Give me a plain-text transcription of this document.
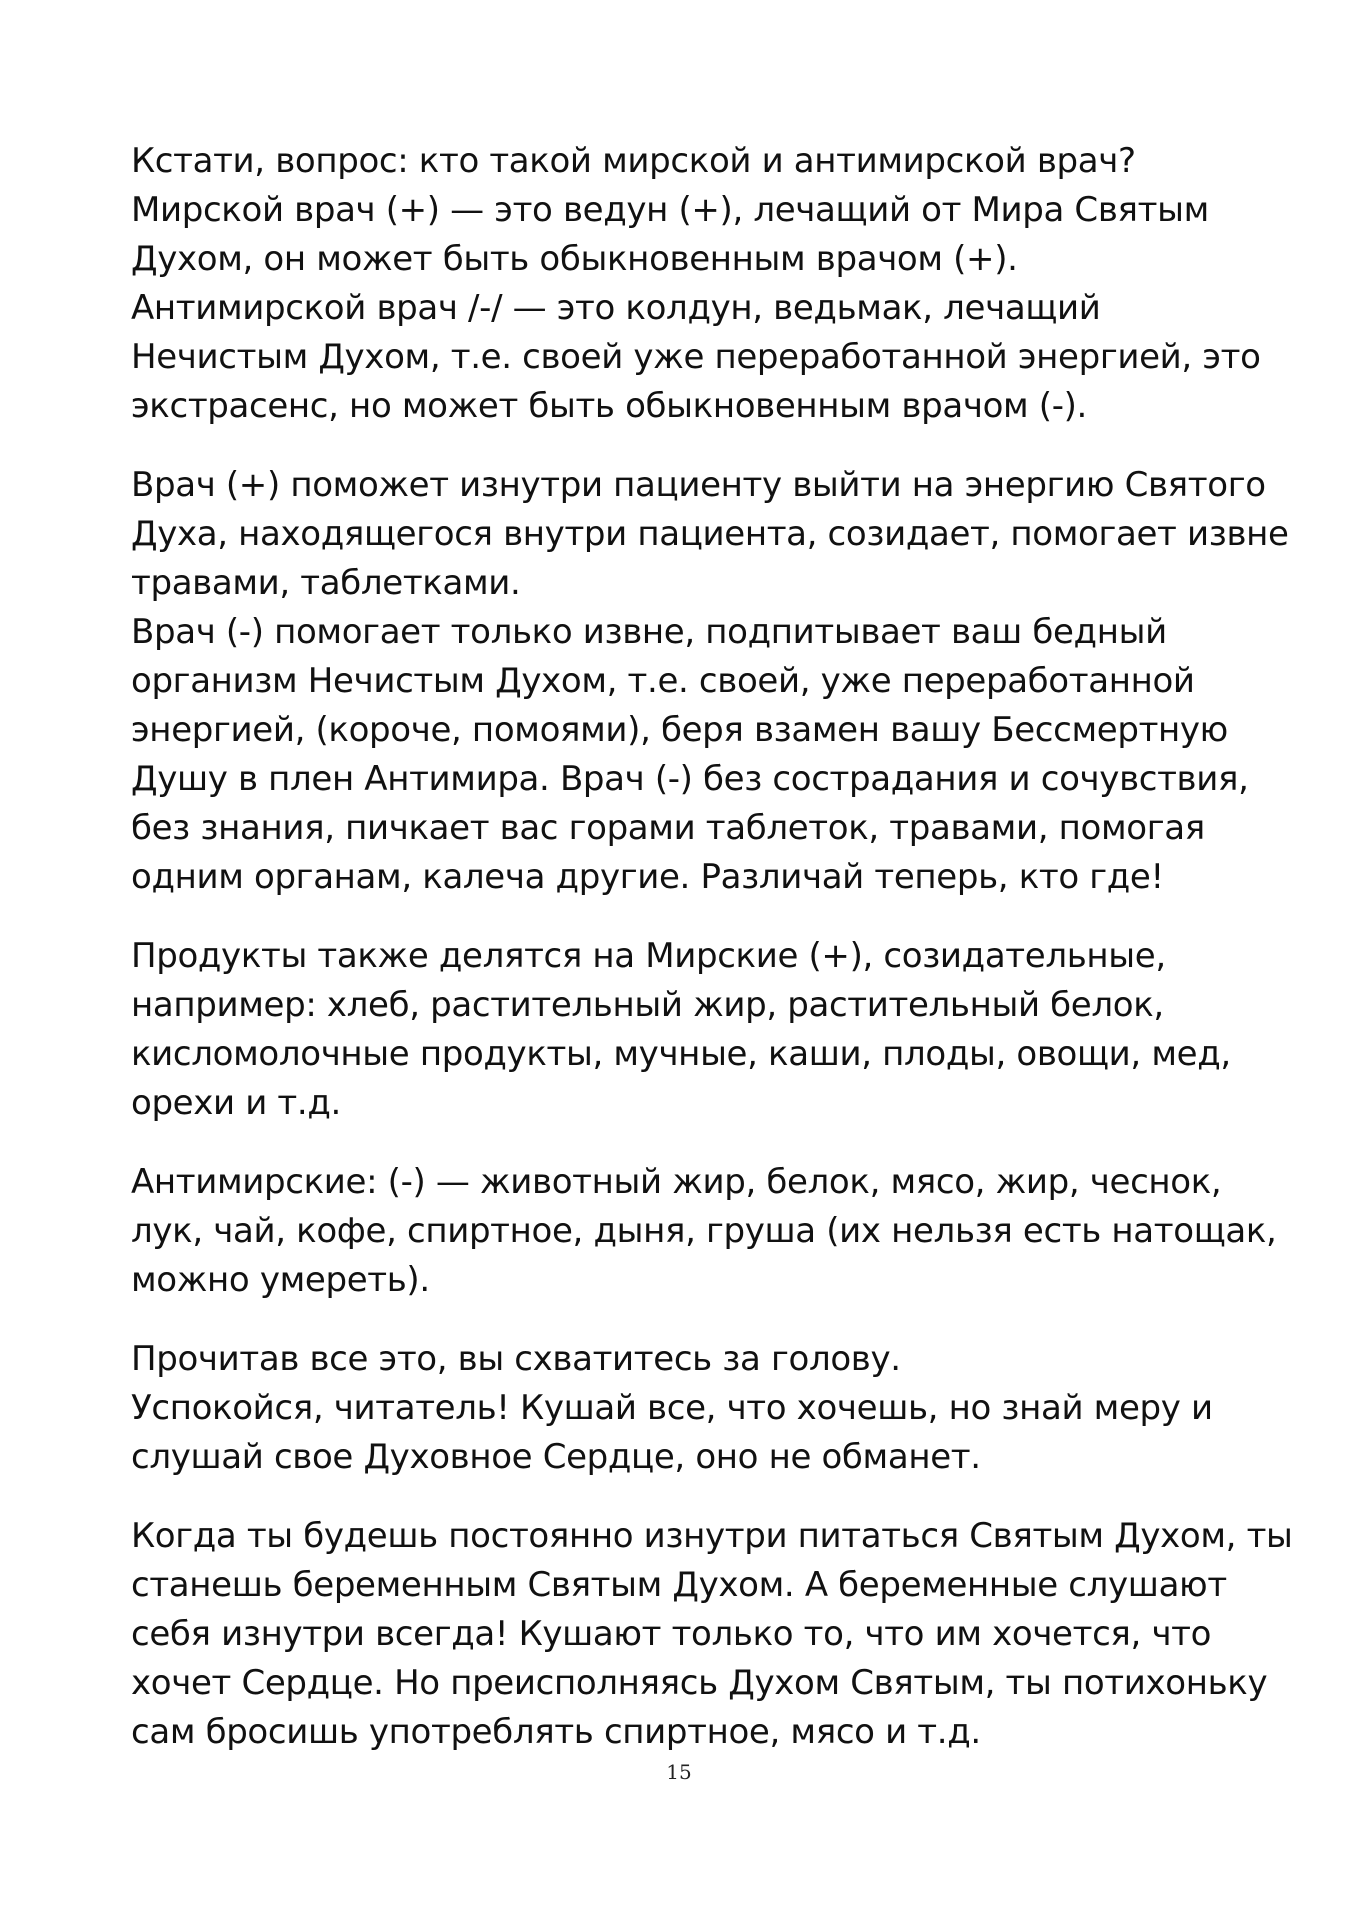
Кстати, вопрос: кто такой мирской и антимирской врач?
Мирской врач (+) — это ведун (+), лечащий от Мира Святым
Духом, он может быть обыкновенным врачом (+).
Антимирской врач /-/ — это колдун, ведьмак, лечащий
Нечистым Духом, т.е. своей уже переработанной энергией, это
экстрасенс, но может быть обыкновенным врачом (-).
Врач (+) поможет изнутри пациенту выйти на энергию Святого
Духа, находящегося внутри пациента, созидает, помогает извне
травами, таблетками.
Врач (-) помогает только извне, подпитывает ваш бедный
организм Нечистым Духом, т.е. своей, уже переработанной
энергией, (короче, помоями), беря взамен вашу Бессмертную
Душу в плен Антимира. Врач (-) без сострадания и сочувствия,
без знания, пичкает вас горами таблеток, травами, помогая
одним органам, калеча другие. Различай теперь, кто где!
Продукты также делятся на Мирские (+), созидательные,
например: хлеб, растительный жир, растительный белок,
кисломолочные продукты, мучные, каши, плоды, овощи, мед,
орехи и т.д.
Антимирские: (-) — животный жир, белок, мясо, жир, чеснок,
лук, чай, кофе, спиртное, дыня, груша (их нельзя есть натощак,
можно умереть).
Прочитав все это, вы схватитесь за голову.
Успокойся, читатель! Кушай все, что хочешь, но знай меру и
слушай свое Духовное Сердце, оно не обманет.
Когда ты будешь постоянно изнутри питаться Святым Духом, ты
станешь беременным Святым Духом. А беременные слушают
себя изнутри всегда! Кушают только то, что им хочется, что
хочет Сердце. Но преисполняясь Духом Святым, ты потихоньку
сам бросишь употреблять спиртное, мясо и т.д.
15
